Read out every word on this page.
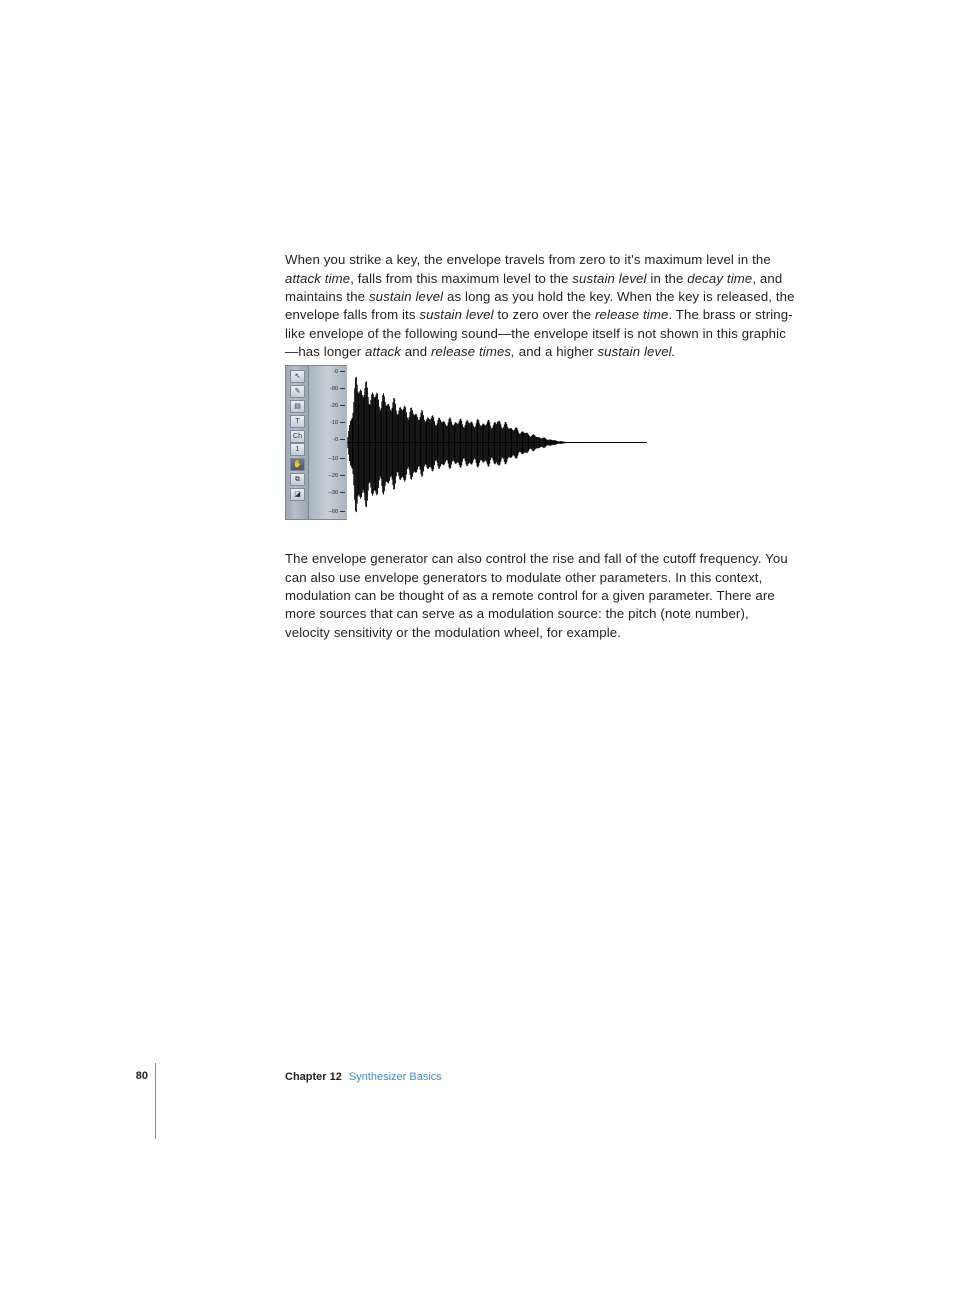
When you strike a key, the envelope travels from zero to it's maximum level in the attack time, falls from this maximum level to the sustain level in the decay time, and maintains the sustain level as long as you hold the key. When the key is released, the envelope falls from its sustain level to zero over the release time. The brass or string-like envelope of the following sound—the envelope itself is not shown in this graphic—has longer attack and release times, and a higher sustain level.

↖
✎
▤
T
Ch
1
✋
⧉
◪
-0
-80
-20
-10
-0
--10
--20
--30
--60

The envelope generator can also control the rise and fall of the cutoff frequency. You can also use envelope generators to modulate other parameters. In this context, modulation can be thought of as a remote control for a given parameter. There are more sources that can serve as a modulation source: the pitch (note number), velocity sensitivity or the modulation wheel, for example.

80	Chapter 12 Synthesizer Basics
